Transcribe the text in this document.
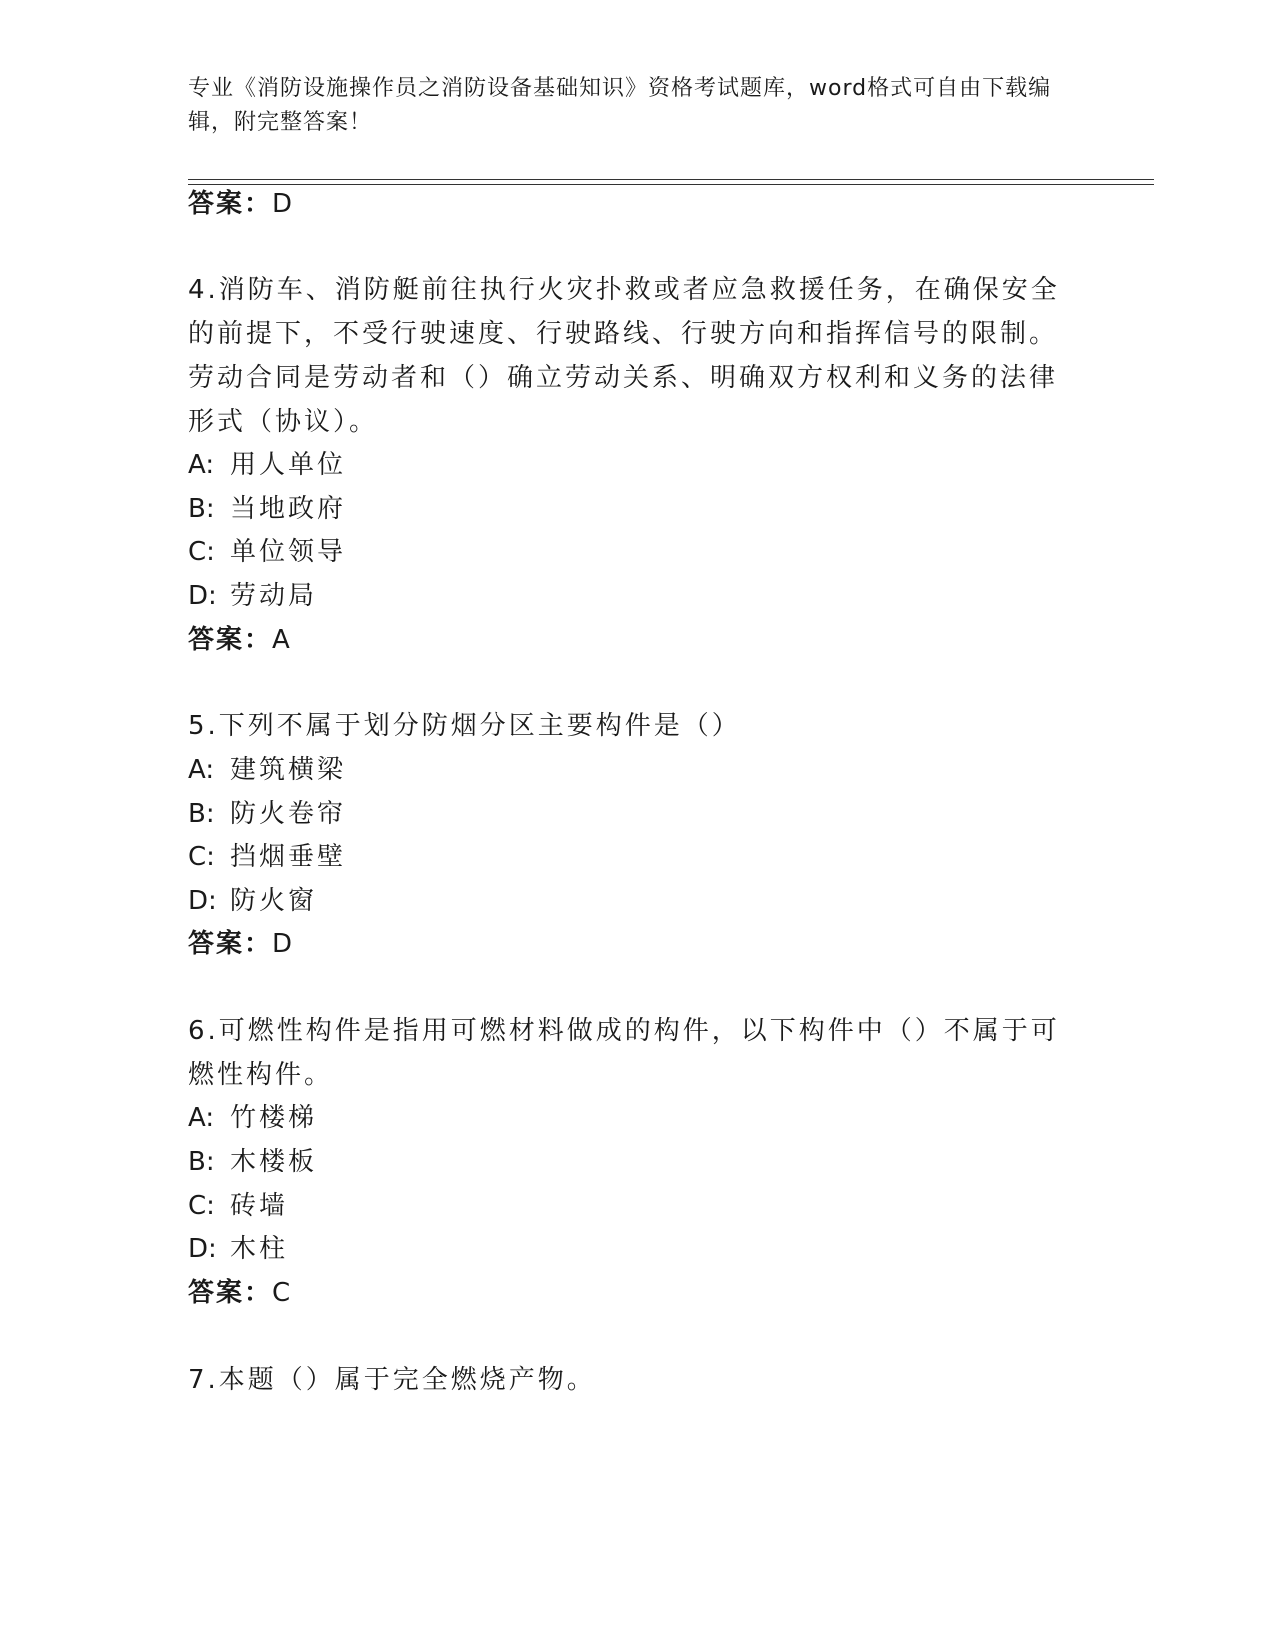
专业《消防设施操作员之消防设备基础知识》资格考试题库，word格式可自由下载编辑，附完整答案！
答案：D
4.消防车、消防艇前往执行火灾扑救或者应急救援任务，在确保安全
的前提下，不受行驶速度、行驶路线、行驶方向和指挥信号的限制。
劳动合同是劳动者和（）确立劳动关系、明确双方权利和义务的法律
形式（协议）。
A: 用人单位
B: 当地政府
C: 单位领导
D: 劳动局
答案：A
5.下列不属于划分防烟分区主要构件是（）
A: 建筑横梁
B: 防火卷帘
C: 挡烟垂壁
D: 防火窗
答案：D
6.可燃性构件是指用可燃材料做成的构件，以下构件中（）不属于可
燃性构件。
A: 竹楼梯
B: 木楼板
C: 砖墙
D: 木柱
答案：C
7.本题（）属于完全燃烧产物。
